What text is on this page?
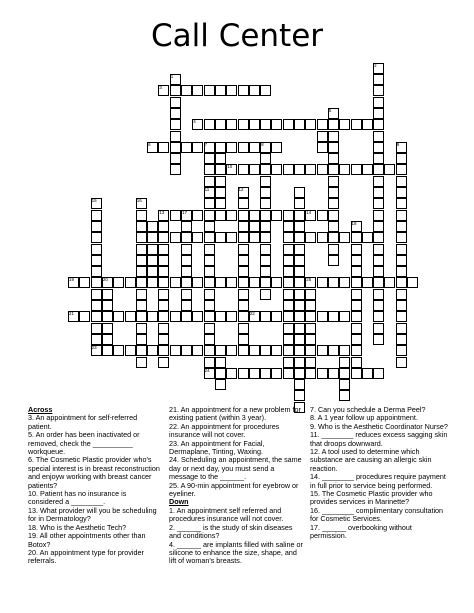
Call Center
1
2
3
4
5
6	7	8	9
10
11	12
13	14
15	16
17
18
19	20
21	22
23
24
25

Across

3. An appointment for self-referred patient.

5. An order has been inactivated or removed, check the __________ workqueue.

6. The Cosmetic Plastic provider who's special interest is in breast reconstruction and enjoyw working with breast cancer patients?

10. Patient has no insurance is considered a ________.

13. What provider will you be scheduling for in Dermatology?

18. Who is the Aesthetic Tech?

19. All other appointments other than Botox?

20. An appointment type for provider referrals.

21. An appointment for a new problem for existing patient (within 3 year).

22. An appointment for procedures insurance will not cover.

23. An appointment for Facial, Dermaplane, Tinting, Waxing.

24. Scheduling an appointment, the same day or next day, you must send a message to the ______.

25. A 90-min appointment for eyebrow or eyeliner.

Down

1. An appointment self referred and procedures insurance will not cover.

2. ______ is the study of skin diseases and conditions?

4. ______ are implants filled with saline or silicone to enhance the size, shape, and lift of woman's breasts.

7. Can you schedule a Derma Peel?

8. A 1 year follow up appointment.

9. Who is the Aesthetic Coordinator Nurse?

11. ________ reduces excess sagging skin that droops downward.

12. A tool used to determine which substance are causing an allergic skin reaction.

14. ________ procedures require payment in full prior to service being performed.

15. The Cosmetic Plastic provider who provides services in Marinette?

16. ________ complimentary consultation for Cosmetic Services.

17. ______ overbooking without permission.
